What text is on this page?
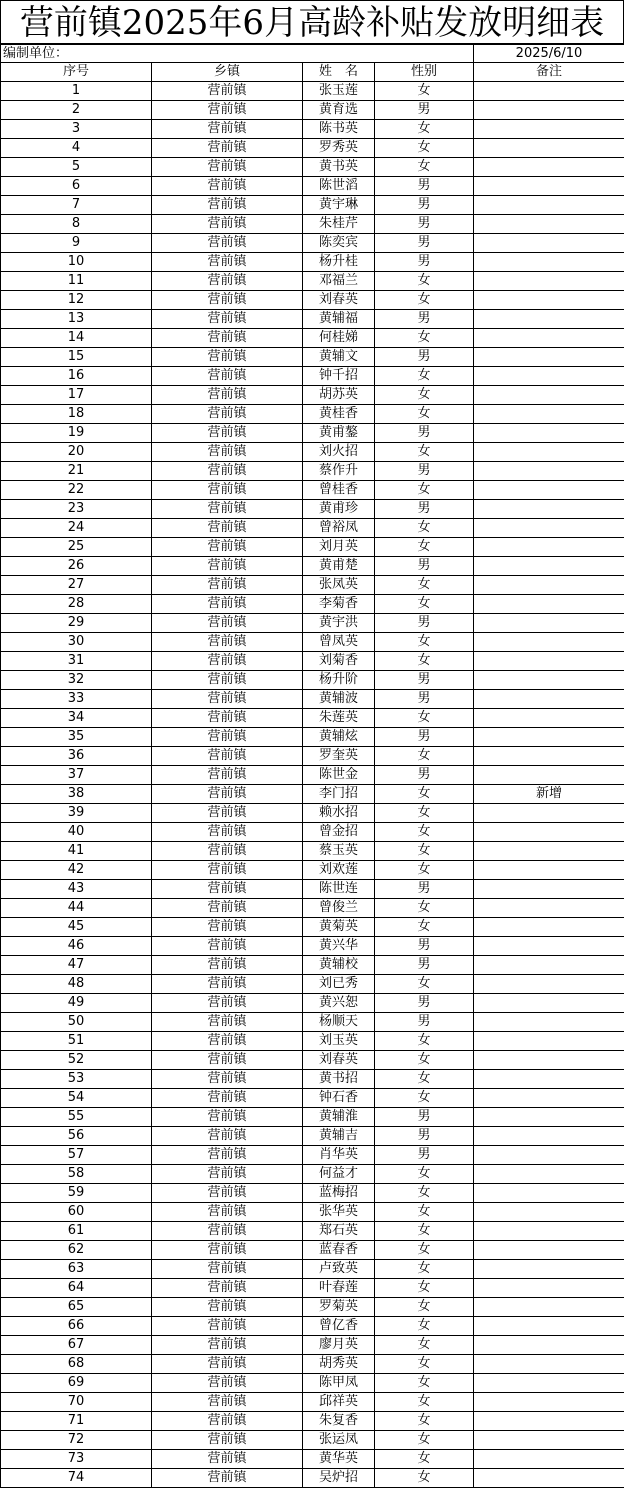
营前镇2025年6月高龄补贴发放明细表
编制单位：				2025/6/10
序号	乡镇	姓　名	性别	备注
1	营前镇	张玉莲	女	
2	营前镇	黄育选	男	
3	营前镇	陈书英	女	
4	营前镇	罗秀英	女	
5	营前镇	黄书英	女	
6	营前镇	陈世滔	男	
7	营前镇	黄宇琳	男	
8	营前镇	朱桂芹	男	
9	营前镇	陈奕宾	男	
10	营前镇	杨升桂	男	
11	营前镇	邓福兰	女	
12	营前镇	刘春英	女	
13	营前镇	黄辅福	男	
14	营前镇	何桂娣	女	
15	营前镇	黄辅文	男	
16	营前镇	钟千招	女	
17	营前镇	胡苏英	女	
18	营前镇	黄桂香	女	
19	营前镇	黄甫鏊	男	
20	营前镇	刘火招	女	
21	营前镇	蔡作升	男	
22	营前镇	曾桂香	女	
23	营前镇	黄甫珍	男	
24	营前镇	曾裕凤	女	
25	营前镇	刘月英	女	
26	营前镇	黄甫楚	男	
27	营前镇	张凤英	女	
28	营前镇	李菊香	女	
29	营前镇	黄宇洪	男	
30	营前镇	曾凤英	女	
31	营前镇	刘菊香	女	
32	营前镇	杨升阶	男	
33	营前镇	黄辅波	男	
34	营前镇	朱莲英	女	
35	营前镇	黄辅炫	男	
36	营前镇	罗奎英	女	
37	营前镇	陈世金	男	
38	营前镇	李门招	女	新增
39	营前镇	赖水招	女	
40	营前镇	曾金招	女	
41	营前镇	蔡玉英	女	
42	营前镇	刘欢莲	女	
43	营前镇	陈世连	男	
44	营前镇	曾俊兰	女	
45	营前镇	黄菊英	女	
46	营前镇	黄兴华	男	
47	营前镇	黄辅校	男	
48	营前镇	刘已秀	女	
49	营前镇	黄兴恕	男	
50	营前镇	杨顺天	男	
51	营前镇	刘玉英	女	
52	营前镇	刘春英	女	
53	营前镇	黄书招	女	
54	营前镇	钟石香	女	
55	营前镇	黄辅淮	男	
56	营前镇	黄辅吉	男	
57	营前镇	肖华英	男	
58	营前镇	何益才	女	
59	营前镇	蓝梅招	女	
60	营前镇	张华英	女	
61	营前镇	郑石英	女	
62	营前镇	蓝春香	女	
63	营前镇	卢致英	女	
64	营前镇	叶春莲	女	
65	营前镇	罗菊英	女	
66	营前镇	曾亿香	女	
67	营前镇	廖月英	女	
68	营前镇	胡秀英	女	
69	营前镇	陈甲凤	女	
70	营前镇	邱祥英	女	
71	营前镇	朱复香	女	
72	营前镇	张运凤	女	
73	营前镇	黄华英	女	
74	营前镇	吴炉招	女	
